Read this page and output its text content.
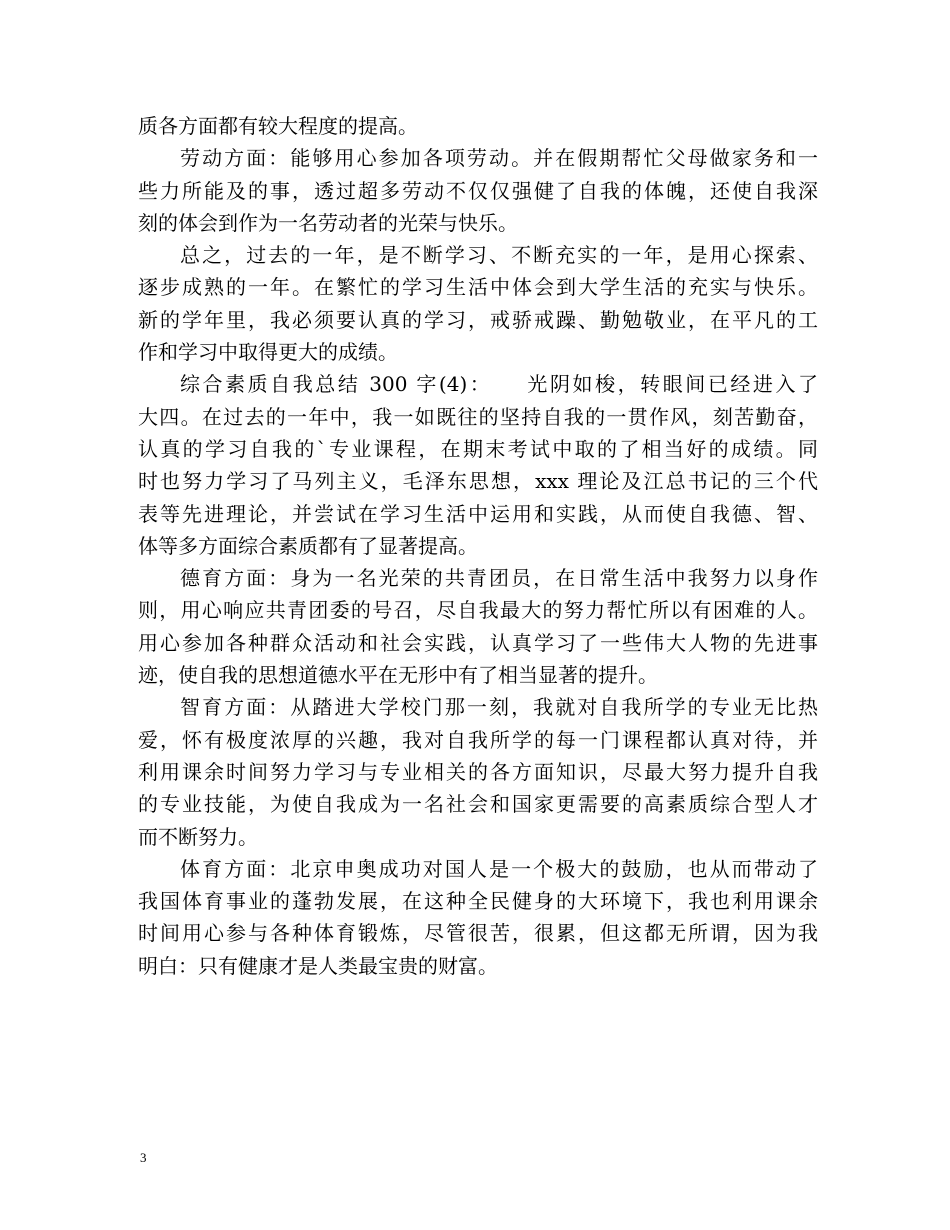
质各方面都有较大程度的提高。
劳动方面：能够用心参加各项劳动。并在假期帮忙父母做家务和一
些力所能及的事，透过超多劳动不仅仅强健了自我的体魄，还使自我深
刻的体会到作为一名劳动者的光荣与快乐。
总之，过去的一年，是不断学习、不断充实的一年，是用心探索、
逐步成熟的一年。在繁忙的学习生活中体会到大学生活的充实与快乐。
新的学年里，我必须要认真的学习，戒骄戒躁、勤勉敬业，在平凡的工
作和学习中取得更大的成绩。
综合素质自我总结 300 字(4)：　　光阴如梭，转眼间已经进入了
大四。在过去的一年中，我一如既往的坚持自我的一贯作风，刻苦勤奋，
认真的学习自我的`专业课程，在期末考试中取的了相当好的成绩。同
时也努力学习了马列主义，毛泽东思想，xxx 理论及江总书记的三个代
表等先进理论，并尝试在学习生活中运用和实践，从而使自我德、智、
体等多方面综合素质都有了显著提高。
德育方面：身为一名光荣的共青团员，在日常生活中我努力以身作
则，用心响应共青团委的号召，尽自我最大的努力帮忙所以有困难的人。
用心参加各种群众活动和社会实践，认真学习了一些伟大人物的先进事
迹，使自我的思想道德水平在无形中有了相当显著的提升。
智育方面：从踏进大学校门那一刻，我就对自我所学的专业无比热
爱，怀有极度浓厚的兴趣，我对自我所学的每一门课程都认真对待，并
利用课余时间努力学习与专业相关的各方面知识，尽最大努力提升自我
的专业技能，为使自我成为一名社会和国家更需要的高素质综合型人才
而不断努力。
体育方面：北京申奥成功对国人是一个极大的鼓励，也从而带动了
我国体育事业的蓬勃发展，在这种全民健身的大环境下，我也利用课余
时间用心参与各种体育锻炼，尽管很苦，很累，但这都无所谓，因为我
明白：只有健康才是人类最宝贵的财富。
3
